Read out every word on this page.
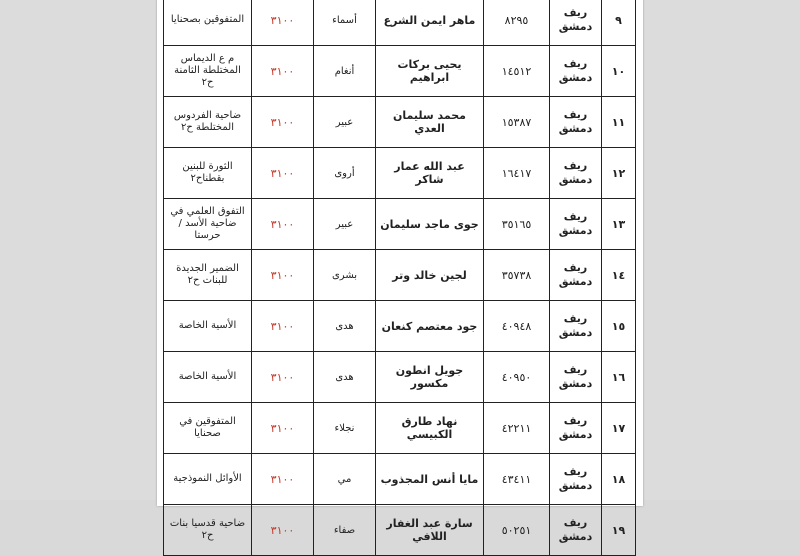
٩	ريف دمشق	٨٢٩٥	ماهر ايمن الشرع	أسماء	٣١٠٠	المتفوقين بصحنايا
١٠	ريف دمشق	١٤٥١٢	يحيى بركات ابراهيم	أنغام	٣١٠٠	م ع الديماس المختلطة الثامنة ح٢
١١	ريف دمشق	١٥٣٨٧	محمد سليمان العدي	عبير	٣١٠٠	ضاحية الفردوس المختلطة ح٢
١٢	ريف دمشق	١٦٤١٧	عبد الله عمار شاكر	أروى	٣١٠٠	الثورة للبنين بقطناح٢
١٣	ريف دمشق	٣٥١٦٥	جوى ماجد سليمان	عبير	٣١٠٠	التفوق العلمي في ضاحية الأسد /حرستا
١٤	ريف دمشق	٣٥٧٣٨	لجين خالد وتر	بشرى	٣١٠٠	الضمير الجديدة للبنات ح٢
١٥	ريف دمشق	٤٠٩٤٨	جود معتصم كنعان	هدى	٣١٠٠	الأسية الخاصة
١٦	ريف دمشق	٤٠٩٥٠	جويل انطون مكسور	هدى	٣١٠٠	الأسية الخاصة
١٧	ريف دمشق	٤٢٢١١	نهاد طارق الكبيسي	نجلاء	٣١٠٠	المتفوقين في صحنايا
١٨	ريف دمشق	٤٣٤١١	مايا أنس المجذوب	مي	٣١٠٠	الأوائل النموذجية
١٩	ريف دمشق	٥٠٢٥١	سارة عبد الغفار اللافي	صفاء	٣١٠٠	ضاحية قدسيا بنات ح٢
